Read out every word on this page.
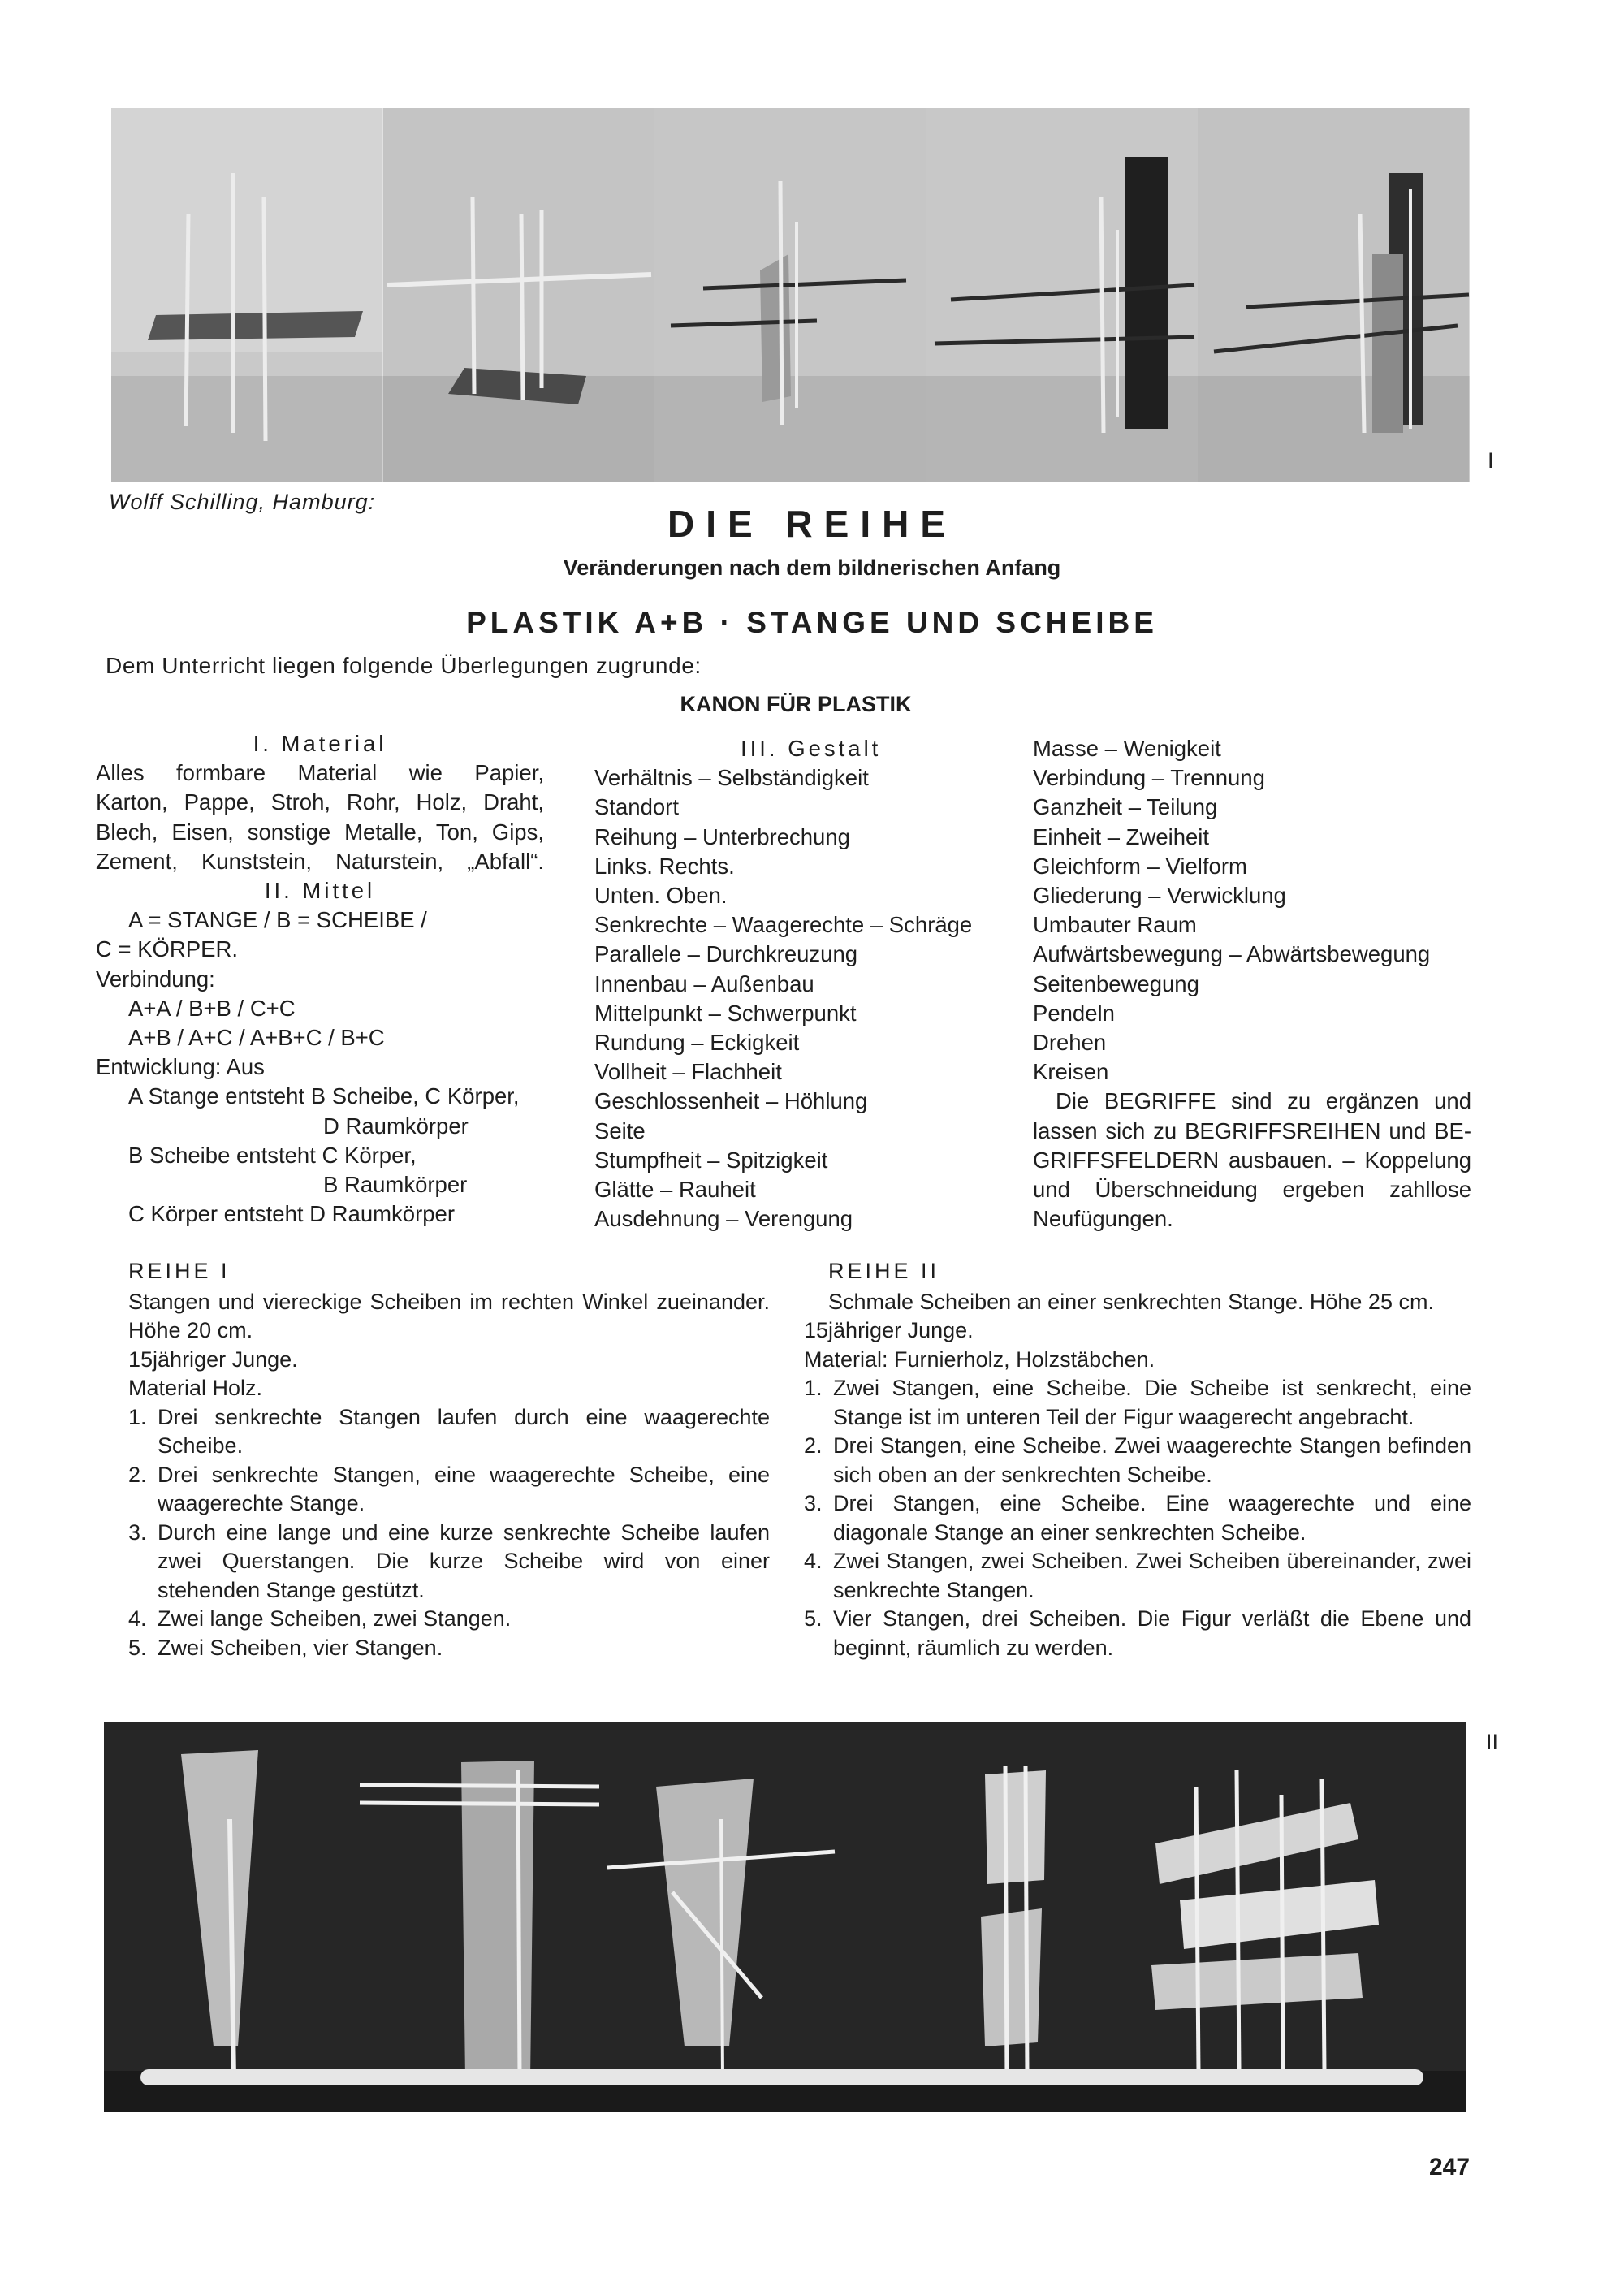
I
Wolff Schilling, Hamburg:
DIE REIHE
Veränderungen nach dem bildnerischen Anfang
PLASTIK A+B · STANGE UND SCHEIBE
Dem Unterricht liegen folgende Überlegungen zugrunde:
KANON FÜR PLASTIK
I. Material
Alles formbare Material wie Papier,
Karton, Pappe, Stroh, Rohr, Holz, Draht,
Blech, Eisen, sonstige Metalle, Ton, Gips,
Zement, Kunststein, Naturstein, „Abfall“.
II. Mittel
A = STANGE / B = SCHEIBE /
C = KÖRPER.
Verbindung:
A+A / B+B / C+C
A+B / A+C / A+B+C / B+C
Entwicklung: Aus
A Stange entsteht B Scheibe, C Körper,
D Raumkörper
B Scheibe entsteht C Körper,
B Raumkörper
C Körper entsteht D Raumkörper
III. Gestalt
Verhältnis – Selbständigkeit
Standort
Reihung – Unterbrechung
Links. Rechts.
Unten. Oben.
Senkrechte – Waagerechte – Schräge
Parallele – Durchkreuzung
Innenbau – Außenbau
Mittelpunkt – Schwerpunkt
Rundung – Eckigkeit
Vollheit – Flachheit
Geschlossenheit – Höhlung
Seite
Stumpfheit – Spitzigkeit
Glätte – Rauheit
Ausdehnung – Verengung
Masse – Wenigkeit
Verbindung – Trennung
Ganzheit – Teilung
Einheit – Zweiheit
Gleichform – Vielform
Gliederung – Verwicklung
Umbauter Raum
Aufwärtsbewegung – Abwärtsbewegung
Seitenbewegung
Pendeln
Drehen
Kreisen
Die BEGRIFFE sind zu ergänzen und
lassen sich zu BEGRIFFSREIHEN und BE-
GRIFFSFELDERN ausbauen. – Koppelung
und Überschneidung ergeben zahllose
Neufügungen.
REIHE I
Stangen und viereckige Scheiben im rechten Winkel zueinander. Höhe 20 cm.
15jähriger Junge.
Material Holz.
1. Drei senkrechte Stangen laufen durch eine waagerechte Scheibe.
2. Drei senkrechte Stangen, eine waagerechte Scheibe, eine waagerechte Stange.
3. Durch eine lange und eine kurze senkrechte Scheibe laufen zwei Querstangen. Die kurze Scheibe wird von einer stehenden Stange gestützt.
4. Zwei lange Scheiben, zwei Stangen.
5. Zwei Scheiben, vier Stangen.
REIHE II
Schmale Scheiben an einer senkrechten Stange. Höhe 25 cm.
15jähriger Junge.
Material: Furnierholz, Holzstäbchen.
1. Zwei Stangen, eine Scheibe. Die Scheibe ist senkrecht, eine Stange ist im unteren Teil der Figur waagerecht angebracht.
2. Drei Stangen, eine Scheibe. Zwei waagerechte Stangen befinden sich oben an der senkrechten Scheibe.
3. Drei Stangen, eine Scheibe. Eine waagerechte und eine diagonale Stange an einer senkrechten Scheibe.
4. Zwei Stangen, zwei Scheiben. Zwei Scheiben übereinander, zwei senkrechte Stangen.
5. Vier Stangen, drei Scheiben. Die Figur verläßt die Ebene und beginnt, räumlich zu werden.
II
247
